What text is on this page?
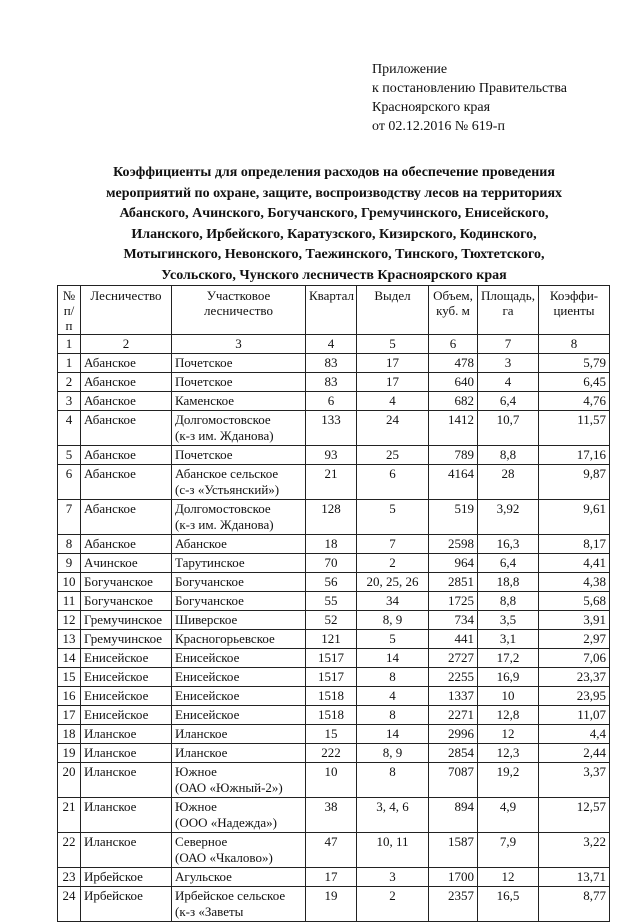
Приложение
к постановлению Правительства
Красноярского края
от 02.12.2016 № 619-п
Коэффициенты для определения расходов на обеспечение проведения
мероприятий по охране, защите, воспроизводству лесов на территориях
Абанского, Ачинского, Богучанского, Гремучинского, Енисейского,
Иланского, Ирбейского, Каратузского, Кизирского, Кодинского,
Мотыгинского, Невонского, Таежинского, Тинского, Тюхтетского,
Усольского, Чунского лесничеств Красноярского края
№ п/п	Лесничество	Участковое лесничество	Квартал	Выдел	Объем, куб. м	Площадь, га	Коэффи- циенты
1	2	3	4	5	6	7	8
1	Абанское	Почетское	83	17	478	3	5,79
2	Абанское	Почетское	83	17	640	4	6,45
3	Абанское	Каменское	6	4	682	6,4	4,76
4	Абанское	Долгомостовское
(к-з им. Жданова)	133	24	1412	10,7	11,57
5	Абанское	Почетское	93	25	789	8,8	17,16
6	Абанское	Абанское сельское
(с-з «Устьянский»)	21	6	4164	28	9,87
7	Абанское	Долгомостовское
(к-з им. Жданова)	128	5	519	3,92	9,61
8	Абанское	Абанское	18	7	2598	16,3	8,17
9	Ачинское	Тарутинское	70	2	964	6,4	4,41
10	Богучанское	Богучанское	56	20, 25, 26	2851	18,8	4,38
11	Богучанское	Богучанское	55	34	1725	8,8	5,68
12	Гремучинское	Шиверское	52	8, 9	734	3,5	3,91
13	Гремучинское	Красногорьевское	121	5	441	3,1	2,97
14	Енисейское	Енисейское	1517	14	2727	17,2	7,06
15	Енисейское	Енисейское	1517	8	2255	16,9	23,37
16	Енисейское	Енисейское	1518	4	1337	10	23,95
17	Енисейское	Енисейское	1518	8	2271	12,8	11,07
18	Иланское	Иланское	15	14	2996	12	4,4
19	Иланское	Иланское	222	8, 9	2854	12,3	2,44
20	Иланское	Южное
(ОАО «Южный-2»)	10	8	7087	19,2	3,37
21	Иланское	Южное
(ООО «Надежда»)	38	3, 4, 6	894	4,9	12,57
22	Иланское	Северное
(ОАО «Чкалово»)	47	10, 11	1587	7,9	3,22
23	Ирбейское	Агульское	17	3	1700	12	13,71
24	Ирбейское	Ирбейское сельское
(к-з «Заветы	19	2	2357	16,5	8,77
